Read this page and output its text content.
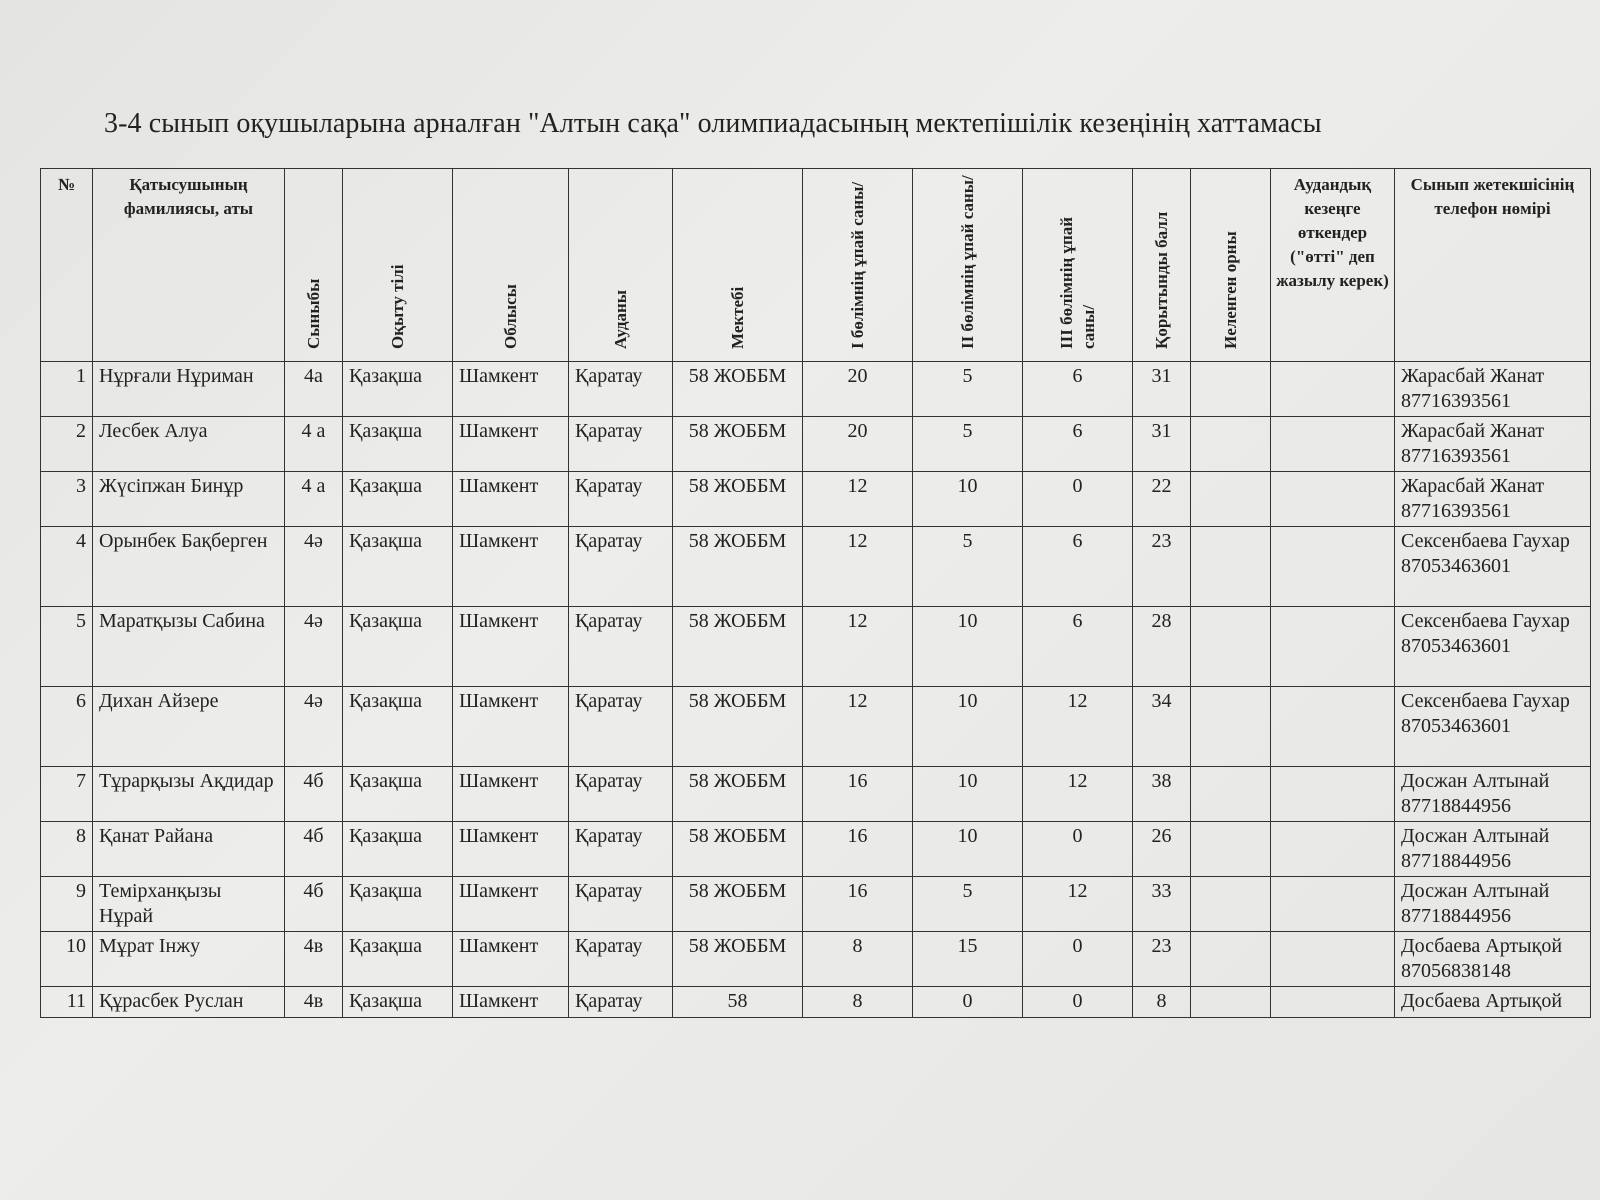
3-4 сынып оқушыларына арналған "Алтын сақа" олимпиадасының мектепішілік кезеңінің хаттамасы
№	Қатысушының фамилиясы, аты	Сыныбы	Оқыту тілі	Облысы	Ауданы	Мектебі	I бөлімнің ұпай саны/	II бөлімнің ұпай саны/	III бөлімнің ұпай саны/	Қорытынды балл	Иеленген орны	Аудандық кезеңге өткендер ("өтті" деп жазылу керек)	Сынып жетекшісінің телефон нөмірі
1	Нұрғали Нұриман	4а	Қазақша	Шамкент	Қаратау	58 ЖОББМ	20	5	6	31			Жарасбай Жанат 87716393561
2	Лесбек Алуа	4 а	Қазақша	Шамкент	Қаратау	58 ЖОББМ	20	5	6	31			Жарасбай Жанат 87716393561
3	Жүсіпжан Бинұр	4 а	Қазақша	Шамкент	Қаратау	58 ЖОББМ	12	10	0	22			Жарасбай Жанат 87716393561
4	Орынбек Бақберген	4ә	Қазақша	Шамкент	Қаратау	58 ЖОББМ	12	5	6	23			Сексенбаева Гаухар 87053463601
5	Маратқызы Сабина	4ә	Қазақша	Шамкент	Қаратау	58 ЖОББМ	12	10	6	28			Сексенбаева Гаухар 87053463601
6	Дихан Айзере	4ә	Қазақша	Шамкент	Қаратау	58 ЖОББМ	12	10	12	34			Сексенбаева Гаухар 87053463601
7	Тұрарқызы Ақдидар	4б	Қазақша	Шамкент	Қаратау	58 ЖОББМ	16	10	12	38			Досжан Алтынай 87718844956
8	Қанат Райана	4б	Қазақша	Шамкент	Қаратау	58 ЖОББМ	16	10	0	26			Досжан Алтынай 87718844956
9	Темірханқызы Нұрай	4б	Қазақша	Шамкент	Қаратау	58 ЖОББМ	16	5	12	33			Досжан Алтынай 87718844956
10	Мұрат Інжу	4в	Қазақша	Шамкент	Қаратау	58 ЖОББМ	8	15	0	23			Досбаева Артықой 87056838148
11	Құрасбек Руслан	4в	Қазақша	Шамкент	Қаратау	58	8	0	0	8			Досбаева Артықой
